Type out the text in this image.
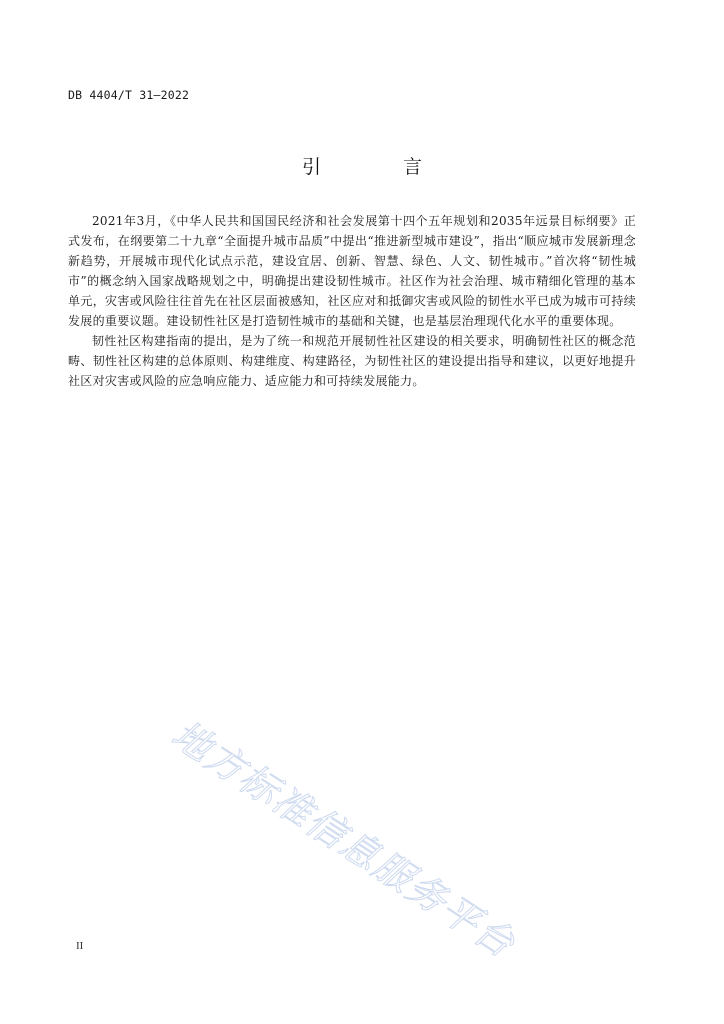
DB 4404/T 31—2022
引 言

2021年3月，《中华人民共和国国民经济和社会发展第十四个五年规划和2035年远景目标纲要》正式发布，在纲要第二十九章“全面提升城市品质”中提出“推进新型城市建设”，指出“顺应城市发展新理念新趋势，开展城市现代化试点示范，建设宜居、创新、智慧、绿色、人文、韧性城市。”首次将“韧性城市”的概念纳入国家战略规划之中，明确提出建设韧性城市。社区作为社会治理、城市精细化管理的基本单元，灾害或风险往往首先在社区层面被感知，社区应对和抵御灾害或风险的韧性水平已成为城市可持续发展的重要议题。建设韧性社区是打造韧性城市的基础和关键，也是基层治理现代化水平的重要体现。

韧性社区构建指南的提出，是为了统一和规范开展韧性社区建设的相关要求，明确韧性社区的概念范畴、韧性社区构建的总体原则、构建维度、构建路径，为韧性社区的建设提出指导和建议，以更好地提升社区对灾害或风险的应急响应能力、适应能力和可持续发展能力。

地方标准信息服务平台
II
